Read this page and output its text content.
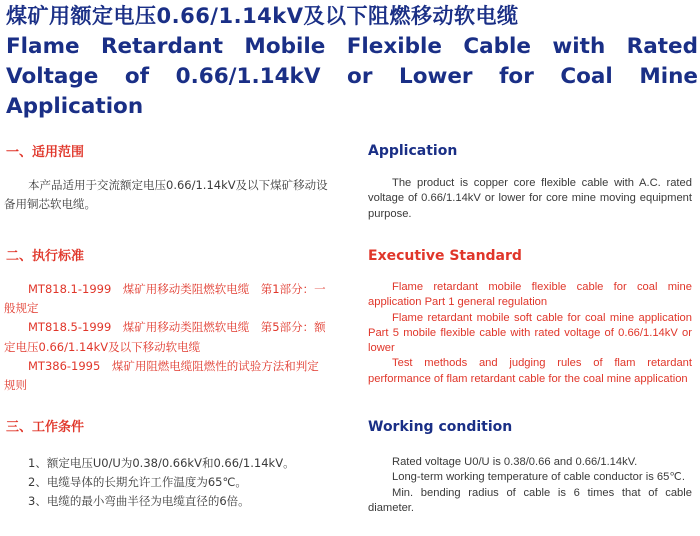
煤矿用额定电压0.66/1.14kV及以下阻燃移动软电缆
Flame Retardant Mobile Flexible Cable with Rated Voltage of 0.66/1.14kV or Lower for Coal Mine Application
一、适用范围	Application
本产品适用于交流额定电压0.66/1.14kV及以下煤矿移动设备用铜芯软电缆。
The product is copper core flexible cable with A.C. rated voltage of 0.66/1.14kV or lower for core mine moving equipment purpose.
二、执行标准	Executive Standard
MT818.1-1999　煤矿用移动类阻燃软电缆　第1部分：一般规定
MT818.5-1999　煤矿用移动类阻燃软电缆　第5部分：额定电压0.66/1.14kV及以下移动软电缆
MT386-1995　煤矿用阻燃电缆阻燃性的试验方法和判定规则
Flame retardant mobile flexible cable for coal mine application Part 1 general regulation
Flame retardant mobile soft cable for coal mine application Part 5 mobile flexible cable with rated voltage of 0.66/1.14kV or lower
Test methods and judging rules of flam retardant performance of flam retardant cable for the coal mine application
三、工作条件	Working condition
1、额定电压U0/U为0.38/0.66kV和0.66/1.14kV。
2、电缆导体的长期允许工作温度为65℃。
3、电缆的最小弯曲半径为电缆直径的6倍。
Rated voltage U0/U is 0.38/0.66 and 0.66/1.14kV.
Long-term working temperature of cable conductor is 65℃.
Min. bending radius of cable is 6 times that of cable diameter.
